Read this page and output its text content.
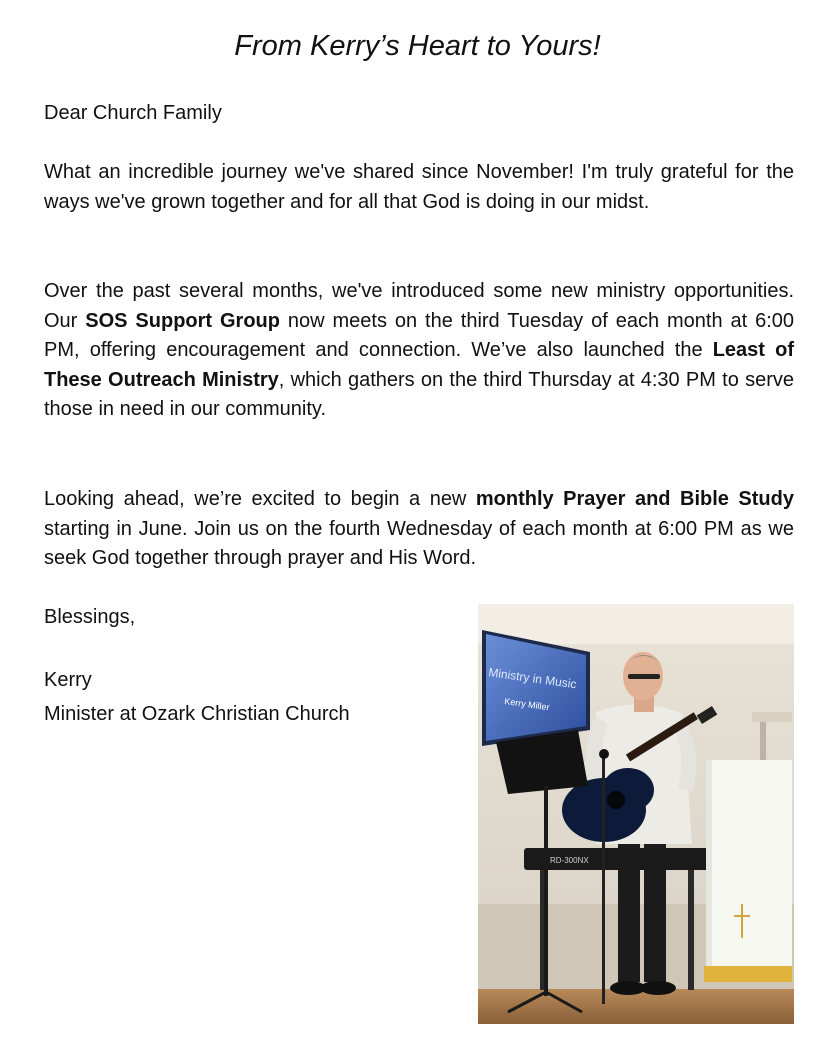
From Kerry’s Heart to Yours!
Dear Church Family
What an incredible journey we've shared since November! I'm truly grateful for the ways we've grown together and for all that God is doing in our midst.
Over the past several months, we've introduced some new ministry opportunities. Our SOS Support Group now meets on the third Tuesday of each month at 6:00 PM, offering encouragement and connection. We’ve also launched the Least of These Outreach Ministry, which gathers on the third Thursday at 4:30 PM to serve those in need in our community.
Looking ahead, we’re excited to begin a new monthly Prayer and Bible Study starting in June. Join us on the fourth Wednesday of each month at 6:00 PM as we seek God together through prayer and His Word.
Blessings,
Kerry
Minister at Ozark Christian Church
Ministry in Music
Kerry Miller
RD-300NX
